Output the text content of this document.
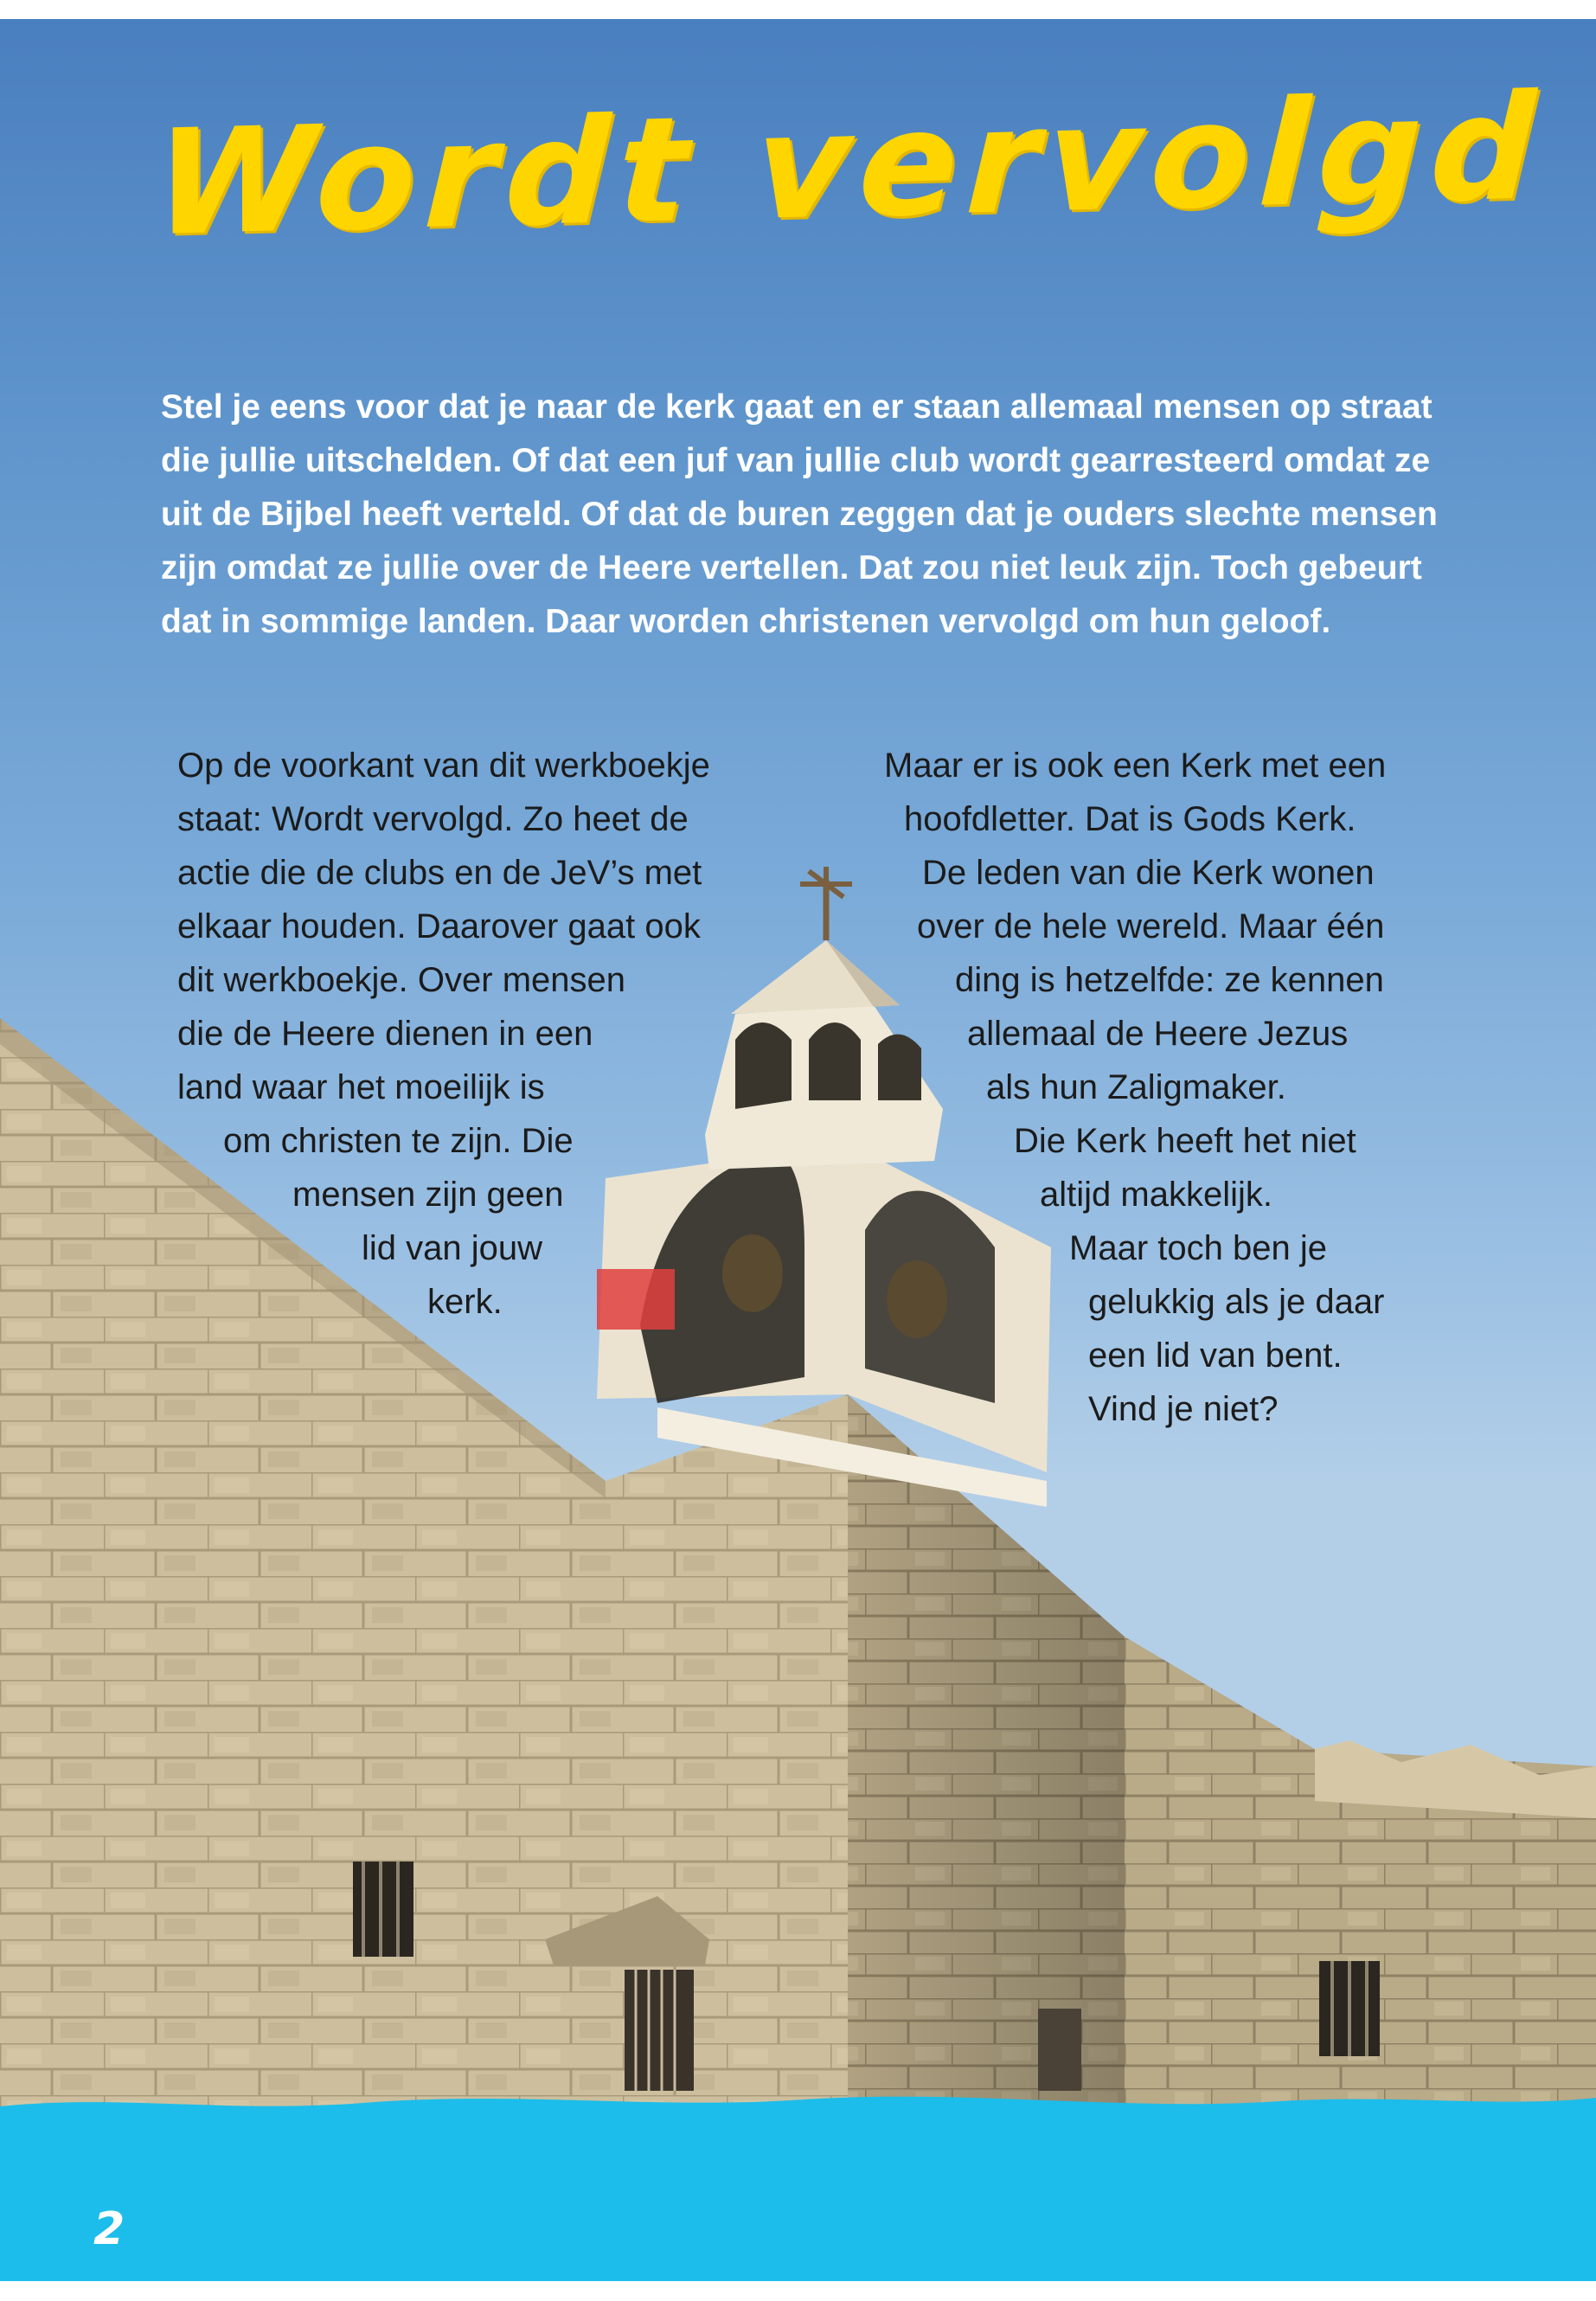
Wordt vervolgd

Stel je eens voor dat je naar de kerk gaat en er staan allemaal mensen op straat die jullie uitschelden. Of dat een juf van jullie club wordt gearresteerd omdat ze uit de Bijbel heeft verteld. Of dat de buren zeggen dat je ouders slechte mensen zijn omdat ze jullie over de Heere vertellen. Dat zou niet leuk zijn. Toch gebeurt dat in sommige landen. Daar worden christenen vervolgd om hun geloof.

Op de voorkant van dit werkboekje
staat: Wordt vervolgd. Zo heet de
actie die de clubs en de JeV’s met
elkaar houden. Daarover gaat ook
dit werkboekje. Over mensen
die de Heere dienen in een
land waar het moeilijk is
om christen te zijn. Die
mensen zijn geen
lid van jouw
kerk.
Maar er is ook een Kerk met een
hoofdletter. Dat is Gods Kerk.
De leden van die Kerk wonen
over de hele wereld. Maar één
ding is hetzelfde: ze kennen
allemaal de Heere Jezus
als hun Zaligmaker.
Die Kerk heeft het niet
altijd makkelijk.
Maar toch ben je
gelukkig als je daar
een lid van bent.
Vind je niet?
2
